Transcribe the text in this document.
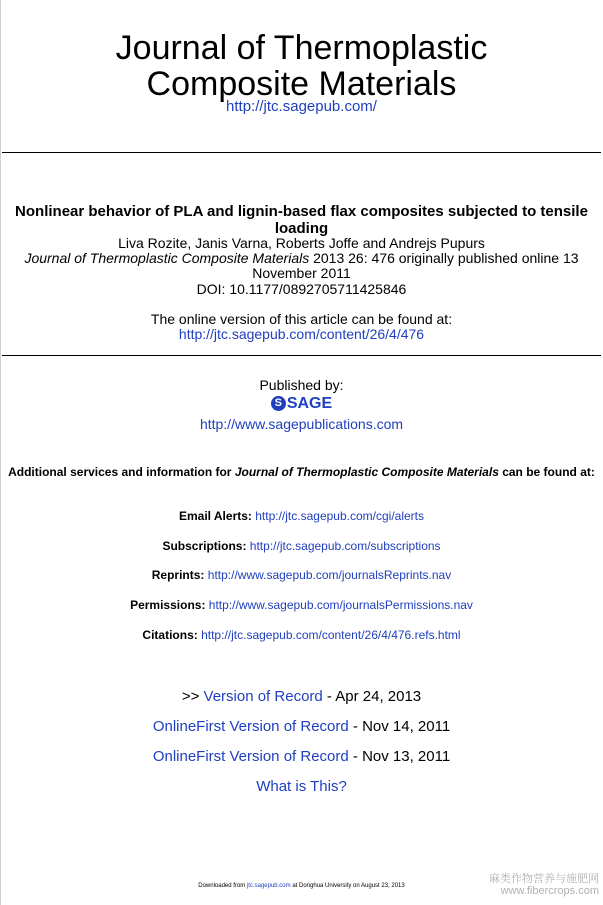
Journal of Thermoplastic
Composite Materials
http://jtc.sagepub.com/
Nonlinear behavior of PLA and lignin-based flax composites subjected to tensile loading
Liva Rozite, Janis Varna, Roberts Joffe and Andrejs Pupurs
Journal of Thermoplastic Composite Materials 2013 26: 476 originally published online 13 November 2011
DOI: 10.1177/0892705711425846
The online version of this article can be found at:
http://jtc.sagepub.com/content/26/4/476
Published by:
S SAGE
http://www.sagepublications.com
Additional services and information for Journal of Thermoplastic Composite Materials can be found at:
Email Alerts: http://jtc.sagepub.com/cgi/alerts
Subscriptions: http://jtc.sagepub.com/subscriptions
Reprints: http://www.sagepub.com/journalsReprints.nav
Permissions: http://www.sagepub.com/journalsPermissions.nav
Citations: http://jtc.sagepub.com/content/26/4/476.refs.html
>> Version of Record - Apr 24, 2013
OnlineFirst Version of Record - Nov 14, 2011
OnlineFirst Version of Record - Nov 13, 2011
What is This?
Downloaded from jtc.sagepub.com at Donghua University on August 23, 2013
麻类作物营养与施肥网
www.fibercrops.com
